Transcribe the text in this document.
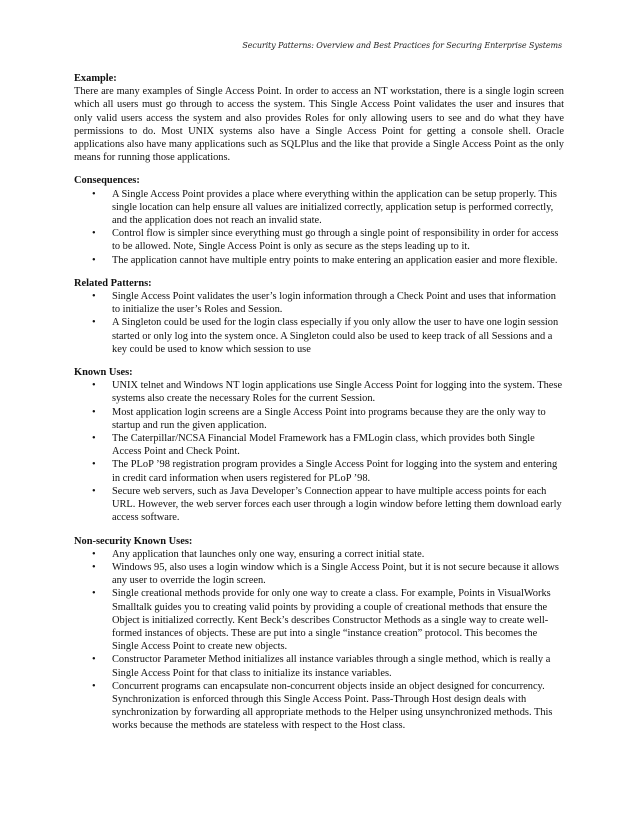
Security Patterns: Overview and Best Practices for Securing Enterprise Systems

Example:

There are many examples of Single Access Point. In order to access an NT workstation, there is a single login screen which all users must go through to access the system. This Single Access Point validates the user and insures that only valid users access the system and also provides Roles for only allowing users to see and do what they have permissions to do. Most UNIX systems also have a Single Access Point for getting a console shell. Oracle applications also have many applications such as SQLPlus and the like that provide a Single Access Point as the only means for running those applications.

Consequences:

• A Single Access Point provides a place where everything within the application can be setup properly. This single location can help ensure all values are initialized correctly, application setup is performed correctly, and the application does not reach an invalid state.
• Control flow is simpler since everything must go through a single point of responsibility in order for access to be allowed. Note, Single Access Point is only as secure as the steps leading up to it.
• The application cannot have multiple entry points to make entering an application easier and more flexible.

Related Patterns:

• Single Access Point validates the user’s login information through a Check Point and uses that information to initialize the user’s Roles and Session.
• A Singleton could be used for the login class especially if you only allow the user to have one login session started or only log into the system once. A Singleton could also be used to keep track of all Sessions and a key could be used to know which session to use

Known Uses:

• UNIX telnet and Windows NT login applications use Single Access Point for logging into the system. These systems also create the necessary Roles for the current Session.
• Most application login screens are a Single Access Point into programs because they are the only way to startup and run the given application.
• The Caterpillar/NCSA Financial Model Framework has a FMLogin class, which provides both Single Access Point and Check Point.
• The PLoP ’98 registration program provides a Single Access Point for logging into the system and entering in credit card information when users registered for PLoP ’98.
• Secure web servers, such as Java Developer’s Connection appear to have multiple access points for each URL. However, the web server forces each user through a login window before letting them download early access software.

Non-security Known Uses:

• Any application that launches only one way, ensuring a correct initial state.
• Windows 95, also uses a login window which is a Single Access Point, but it is not secure because it allows any user to override the login screen.
• Single creational methods provide for only one way to create a class. For example, Points in VisualWorks Smalltalk guides you to creating valid points by providing a couple of creational methods that ensure the Object is initialized correctly. Kent Beck’s describes Constructor Methods as a single way to create well-formed instances of objects. These are put into a single “instance creation” protocol. This becomes the Single Access Point to create new objects.
• Constructor Parameter Method initializes all instance variables through a single method, which is really a Single Access Point for that class to initialize its instance variables.
• Concurrent programs can encapsulate non-concurrent objects inside an object designed for concurrency. Synchronization is enforced through this Single Access Point. Pass-Through Host design deals with synchronization by forwarding all appropriate methods to the Helper using unsynchronized methods. This works because the methods are stateless with respect to the Host class.
